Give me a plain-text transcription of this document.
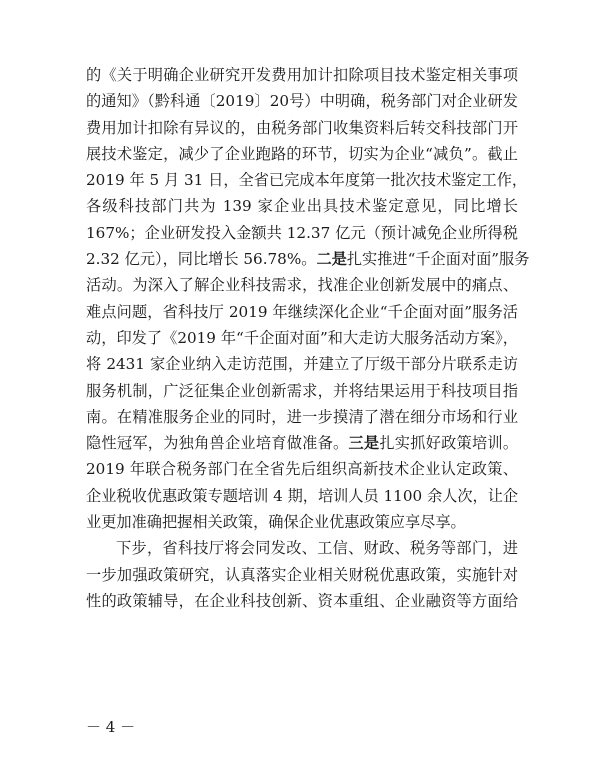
的《关于明确企业研究开发费用加计扣除项目技术鉴定相关事项
的通知》（黔科通〔2019〕20号）中明确，税务部门对企业研发
费用加计扣除有异议的，由税务部门收集资料后转交科技部门开
展技术鉴定，减少了企业跑路的环节，切实为企业“减负”。截止
2019 年 5 月 31 日，全省已完成本年度第一批次技术鉴定工作，
各级科技部门共为 139 家企业出具技术鉴定意见，同比增长
167%；企业研发投入金额共 12.37 亿元（预计减免企业所得税
2.32 亿元），同比增长 56.78%。二是扎实推进“千企面对面”服务
活动。为深入了解企业科技需求，找准企业创新发展中的痛点、
难点问题，省科技厅 2019 年继续深化企业“千企面对面”服务活
动，印发了《2019 年“千企面对面”和大走访大服务活动方案》，
将 2431 家企业纳入走访范围，并建立了厅级干部分片联系走访
服务机制，广泛征集企业创新需求，并将结果运用于科技项目指
南。在精准服务企业的同时，进一步摸清了潜在细分市场和行业
隐性冠军，为独角兽企业培育做准备。三是扎实抓好政策培训。
2019 年联合税务部门在全省先后组织高新技术企业认定政策、
企业税收优惠政策专题培训 4 期，培训人员 1100 余人次，让企
业更加准确把握相关政策，确保企业优惠政策应享尽享。
下步，省科技厅将会同发改、工信、财政、税务等部门，进
一步加强政策研究，认真落实企业相关财税优惠政策，实施针对
性的政策辅导，在企业科技创新、资本重组、企业融资等方面给
－ 4 －
